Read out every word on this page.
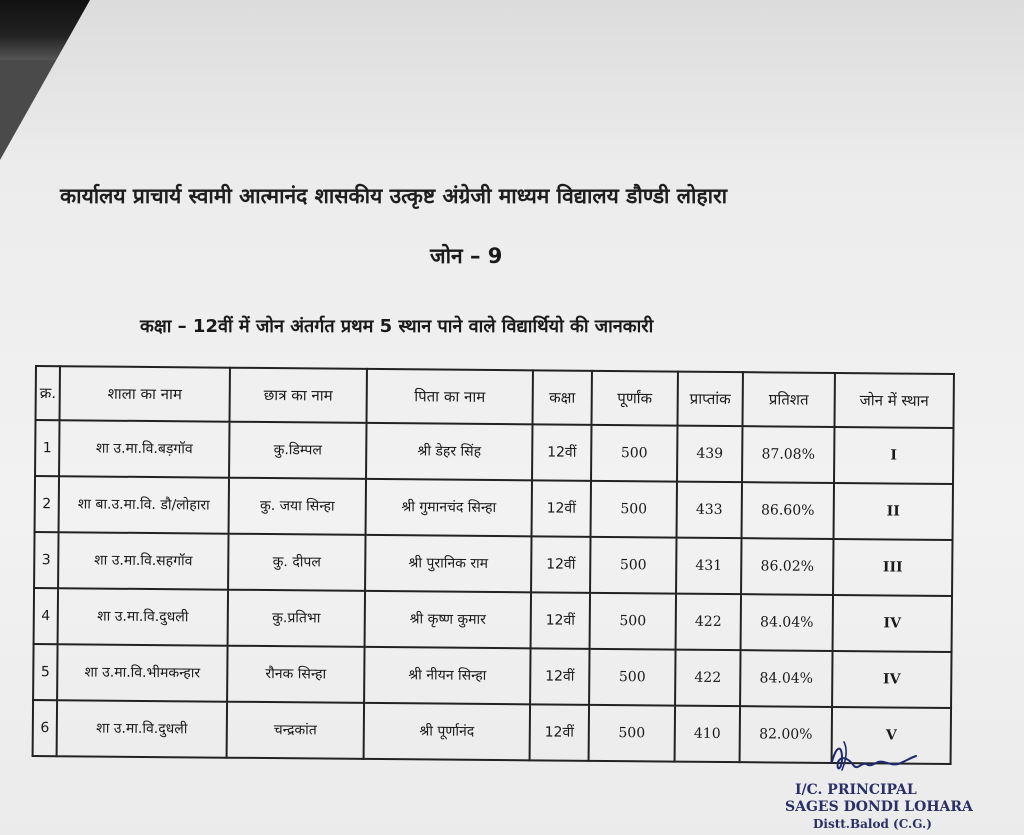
कार्यालय प्राचार्य स्वामी आत्मानंद शासकीय उत्कृष्ट अंग्रेजी माध्यम विद्यालय डौण्डी लोहारा
जोन – 9
कक्षा – 12वीं में जोन अंतर्गत प्रथम 5 स्थान पाने वाले विद्यार्थियो की जानकारी
क्र.	शाला का नाम	छात्र का नाम	पिता का नाम	कक्षा	पूर्णांक	प्राप्तांक	प्रतिशत	जोन में स्थान
1	शा उ.मा.वि.बड़गॉव	कु.डिम्पल	श्री डेहर सिंह	12वीं	500	439	87.08%	I
2	शा बा.उ.मा.वि. डौ/लोहारा	कु. जया सिन्हा	श्री गुमानचंद सिन्हा	12वीं	500	433	86.60%	II
3	शा उ.मा.वि.सहगॉव	कु. दीपल	श्री पुरानिक राम	12वीं	500	431	86.02%	III
4	शा उ.मा.वि.दुधली	कु.प्रतिभा	श्री कृष्ण कुमार	12वीं	500	422	84.04%	IV
5	शा उ.मा.वि.भीमकन्हार	रौनक सिन्हा	श्री नीयन सिन्हा	12वीं	500	422	84.04%	IV
6	शा उ.मा.वि.दुधली	चन्द्रकांत	श्री पूर्णानंद	12वीं	500	410	82.00%	V
I/C. PRINCIPAL
SAGES DONDI LOHARA
Distt.Balod (C.G.)
